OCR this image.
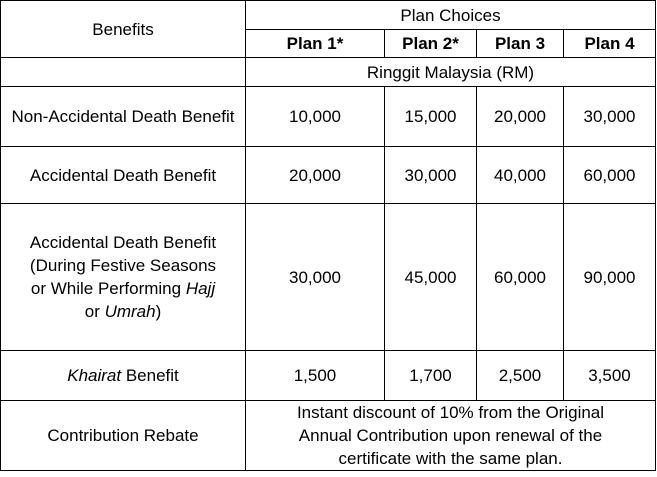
Benefits	Plan Choices			
	Plan 1*	Plan 2*	Plan 3	Plan 4
	Ringgit Malaysia (RM)			
Non-Accidental Death Benefit	10,000	15,000	20,000	30,000
Accidental Death Benefit	20,000	30,000	40,000	60,000

Accidental Death Benefit
(During Festive Seasons
or While Performing Hajj
or Umrah)	30,000	45,000	60,000	90,000
Khairat Benefit	1,500	1,700	2,500	3,500
Contribution Rebate	Instant discount of 10% from the Original
Annual Contribution upon renewal of the
certificate with the same plan.			
